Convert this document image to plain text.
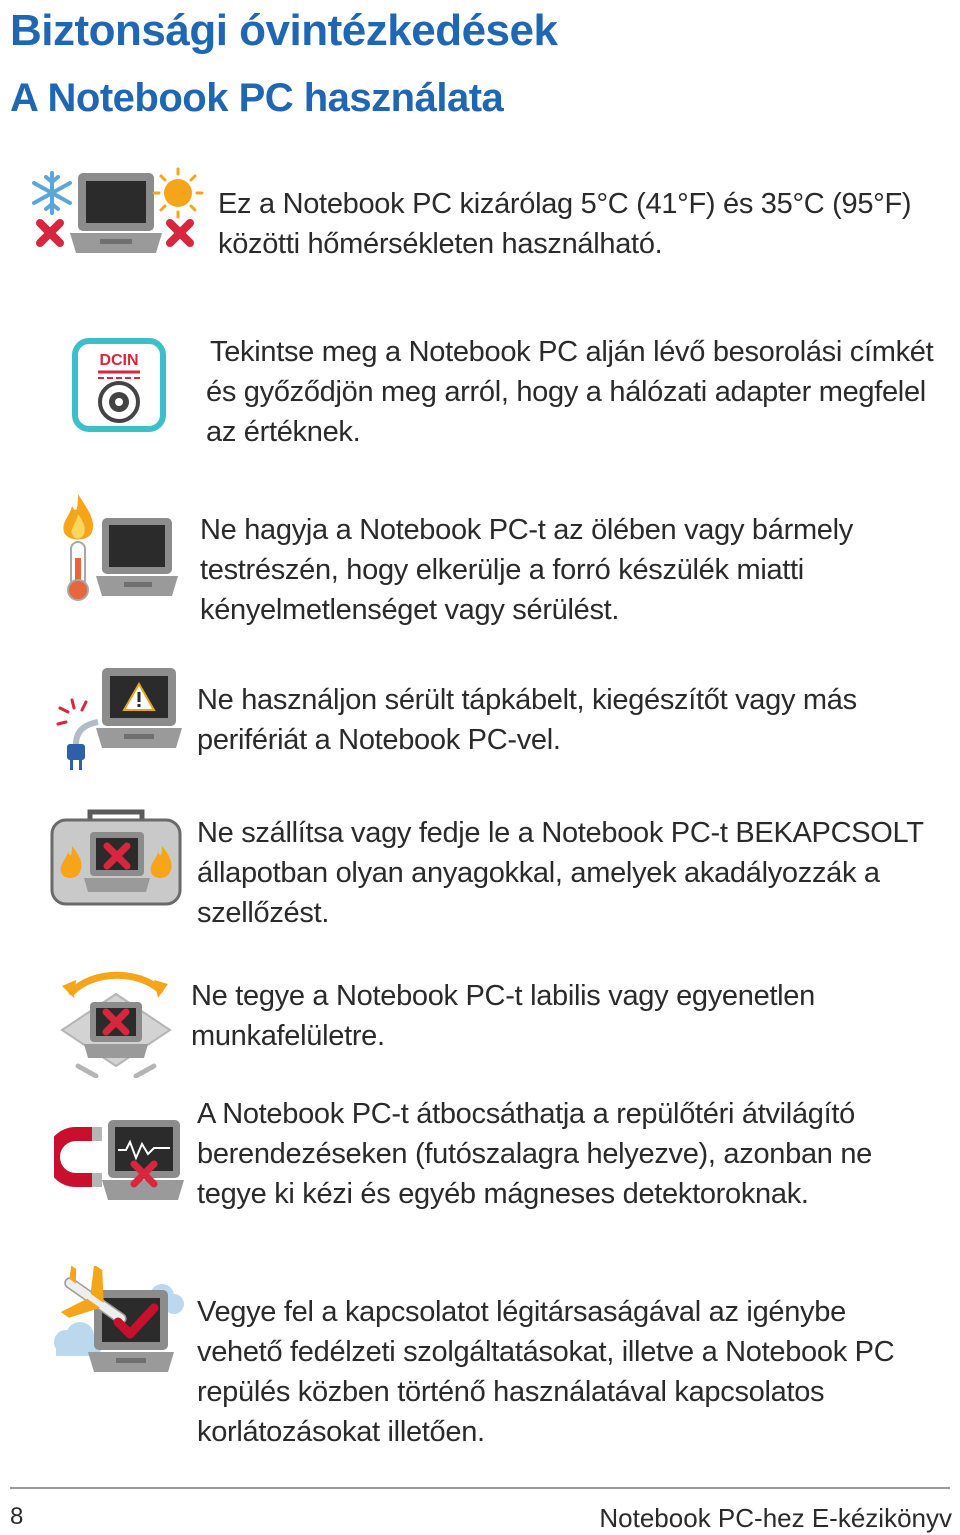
Biztonsági óvintézkedések
A Notebook PC használata

Ez a Notebook PC kizárólag 5°C (41°F) és 35°C (95°F) közötti hőmérsékleten használható.

DCIN Tekintse meg a Notebook PC alján lévő besorolási címkét és győződjön meg arról, hogy a hálózati adapter megfelel az értéknek.

Ne hagyja a Notebook PC-t az ölében vagy bármely testrészén, hogy elkerülje a forró készülék miatti kényelmetlenséget vagy sérülést.

Ne használjon sérült tápkábelt, kiegészítőt vagy más perifériát a Notebook PC-vel.

Ne szállítsa vagy fedje le a Notebook PC-t BEKAPCSOLT állapotban olyan anyagokkal, amelyek akadályozzák a szellőzést.

Ne tegye a Notebook PC-t labilis vagy egyenetlen munkafelületre.

A Notebook PC-t átbocsáthatja a repülőtéri átvilágító berendezéseken (futószalagra helyezve), azonban ne tegye ki kézi és egyéb mágneses detektoroknak.

Vegye fel a kapcsolatot légitársaságával az igénybe vehető fedélzeti szolgáltatásokat, illetve a Notebook PC repülés közben történő használatával kapcsolatos korlátozásokat illetően.

8	Notebook PC-hez E-kézikönyv
